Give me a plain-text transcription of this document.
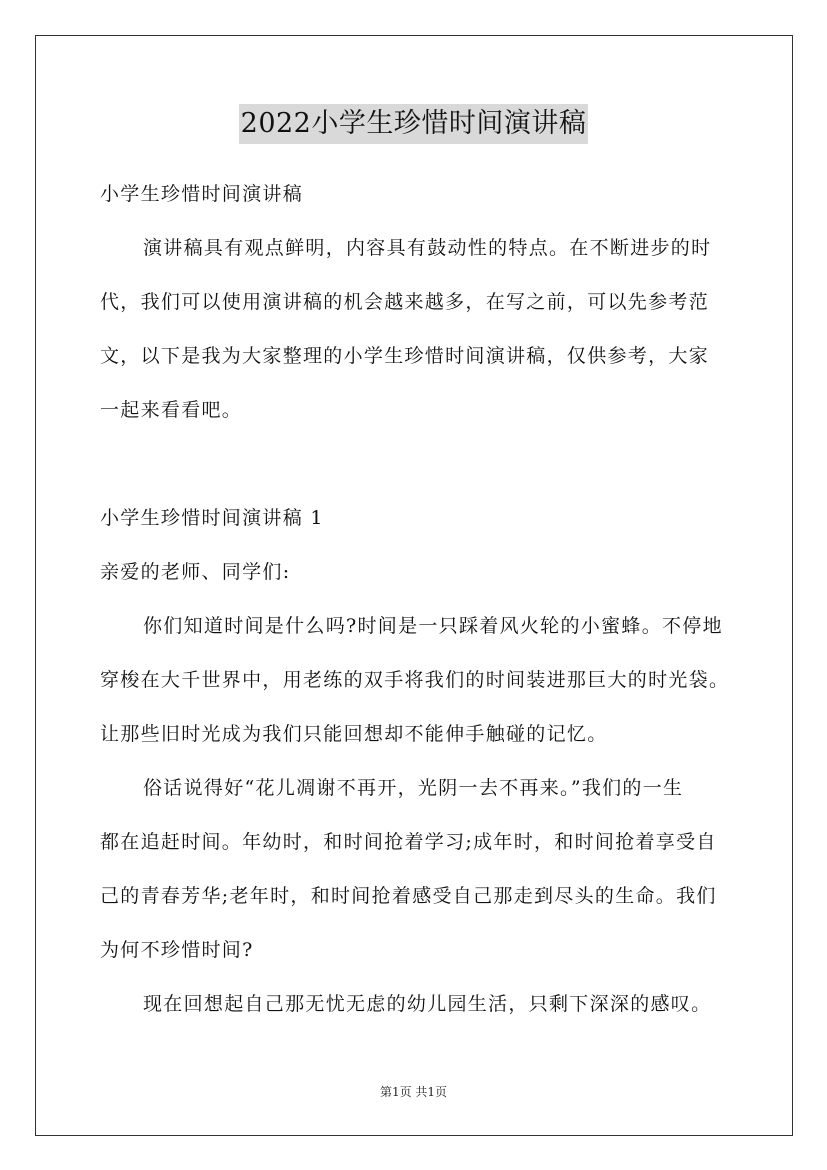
2022小学生珍惜时间演讲稿
小学生珍惜时间演讲稿
演讲稿具有观点鲜明，内容具有鼓动性的特点。在不断进步的时
代，我们可以使用演讲稿的机会越来越多，在写之前，可以先参考范
文，以下是我为大家整理的小学生珍惜时间演讲稿，仅供参考，大家
一起来看看吧。
小学生珍惜时间演讲稿 1
亲爱的老师、同学们:
你们知道时间是什么吗?时间是一只踩着风火轮的小蜜蜂。不停地
穿梭在大千世界中，用老练的双手将我们的时间装进那巨大的时光袋。
让那些旧时光成为我们只能回想却不能伸手触碰的记忆。
俗话说得好“花儿凋谢不再开，光阴一去不再来。”我们的一生
都在追赶时间。年幼时，和时间抢着学习;成年时，和时间抢着享受自
己的青春芳华;老年时，和时间抢着感受自己那走到尽头的生命。我们
为何不珍惜时间?
现在回想起自己那无忧无虑的幼儿园生活，只剩下深深的感叹。
第1页 共1页
